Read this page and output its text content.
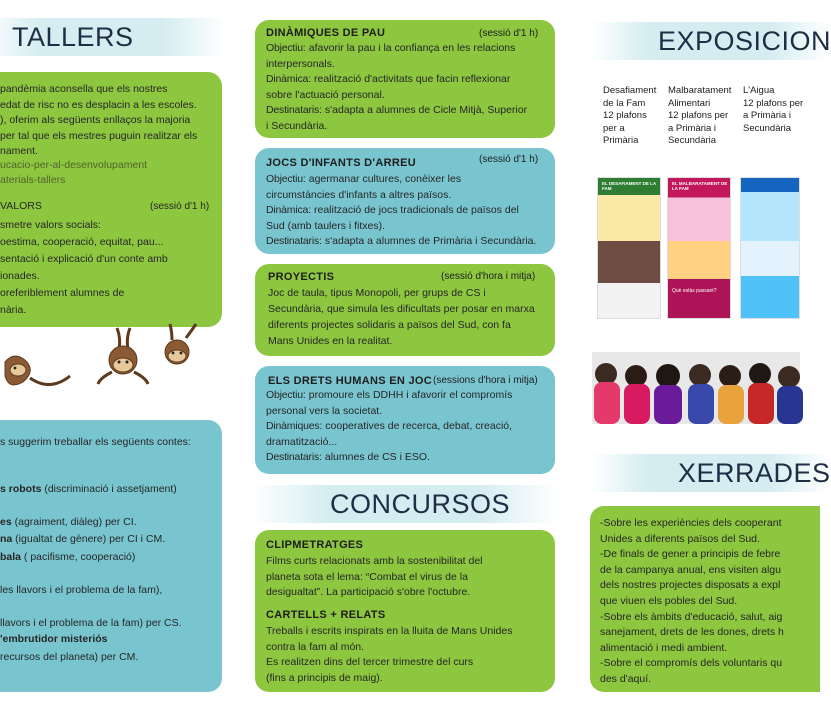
TALLERS
pandèmia aconsella que els nostres
edat de risc no es desplacin a les escoles.
), oferim als següents enllaços la majoria
per tal que els mestres puguin realitzar els
nament.
ucacio-per-al-desenvolupament
aterials-tallers
VALORS	(sessió d'1 h)
smetre valors socials:
oestima, cooperació, equitat, pau...
sentació i explicació d'un conte amb
ionades.
oreferiblement alumnes de
nària.
s suggerim treballar els següents contes:
s robots (discriminació i assetjament)
es (agraiment, diàleg) per CI.
na (igualtat de gènere) per CI i CM.
bala ( pacifisme, cooperació)
les llavors i el problema de la fam),
llavors i el problema de la fam) per CS.
'embrutidor misteriós
recursos del planeta) per CM.
DINÀMIQUES DE PAU	(sessió d'1 h)
Objectiu: afavorir la pau i la confiança en les relacions
interpersonals.
Dinàmica: realització d'activitats que facin reflexionar
sobre l'actuació personal.
Destinataris: s'adapta a alumnes de Cicle Mitjà, Superior
i Secundària.
JOCS D'INFANTS D'ARREU	(sessió d'1 h)
Objectiu: agermanar cultures, conèixer les
circumstàncies d'infants a altres països.
Dinàmica: realització de jocs tradicionals de països del
Sud (amb taulers i fitxes).
Destinataris: s'adapta a alumnes de Primària i Secundària.
PROYECTIS	(sessió d'hora i mitja)
Joc de taula, tipus Monopoli, per grups de CS i
Secundària, que simula les dificultats per posar en marxa
diferents projectes solidaris a països del Sud, con fa
Mans Unides en la realitat.
ELS DRETS HUMANS EN JOC (sessions d'hora i mitja)
Objectiu: promoure els DDHH i afavorir el compromís
personal vers la societat.
Dinàmiques: cooperatives de recerca, debat, creació,
dramatització...
Destinataris: alumnes de CS i ESO.
CONCURSOS
CLIPMETRATGES
Films curts relacionats amb la sostenibilitat del
planeta sota el lema: “Combat el virus de la
desigualtat”. La participació s'obre l'octubre.
CARTELLS + RELATS
Treballs i escrits inspirats en la lluita de Mans Unides
contra la fam al món.
Es realitzen dins del tercer trimestre del curs
(fins a principis de maig).
EXPOSICION
Desafiament
de la Fam
12 plafons
per a
Primària
Malbaratament
Alimentari
12 plafons per
a Primària i
Secundària
L'Aigua
12 plafons per
a Primària i
Secundària
EL DESAFIAMENT DE LA FAM
EL MALBARATAMENT DE LA FAM
Què estàs passant?
XERRADES
-Sobre les experiències dels cooperant
Unides a diferents països del Sud.
-De finals de gener a principis de febre
de la campanya anual, ens visiten algu
dels nostres projectes disposats a expl
que viuen els pobles del Sud.
-Sobre els àmbits d'educació, salut, aig
sanejament, drets de les dones, drets h
alimentació i medi ambient.
-Sobre el compromís dels voluntaris qu
des d'aquí.
